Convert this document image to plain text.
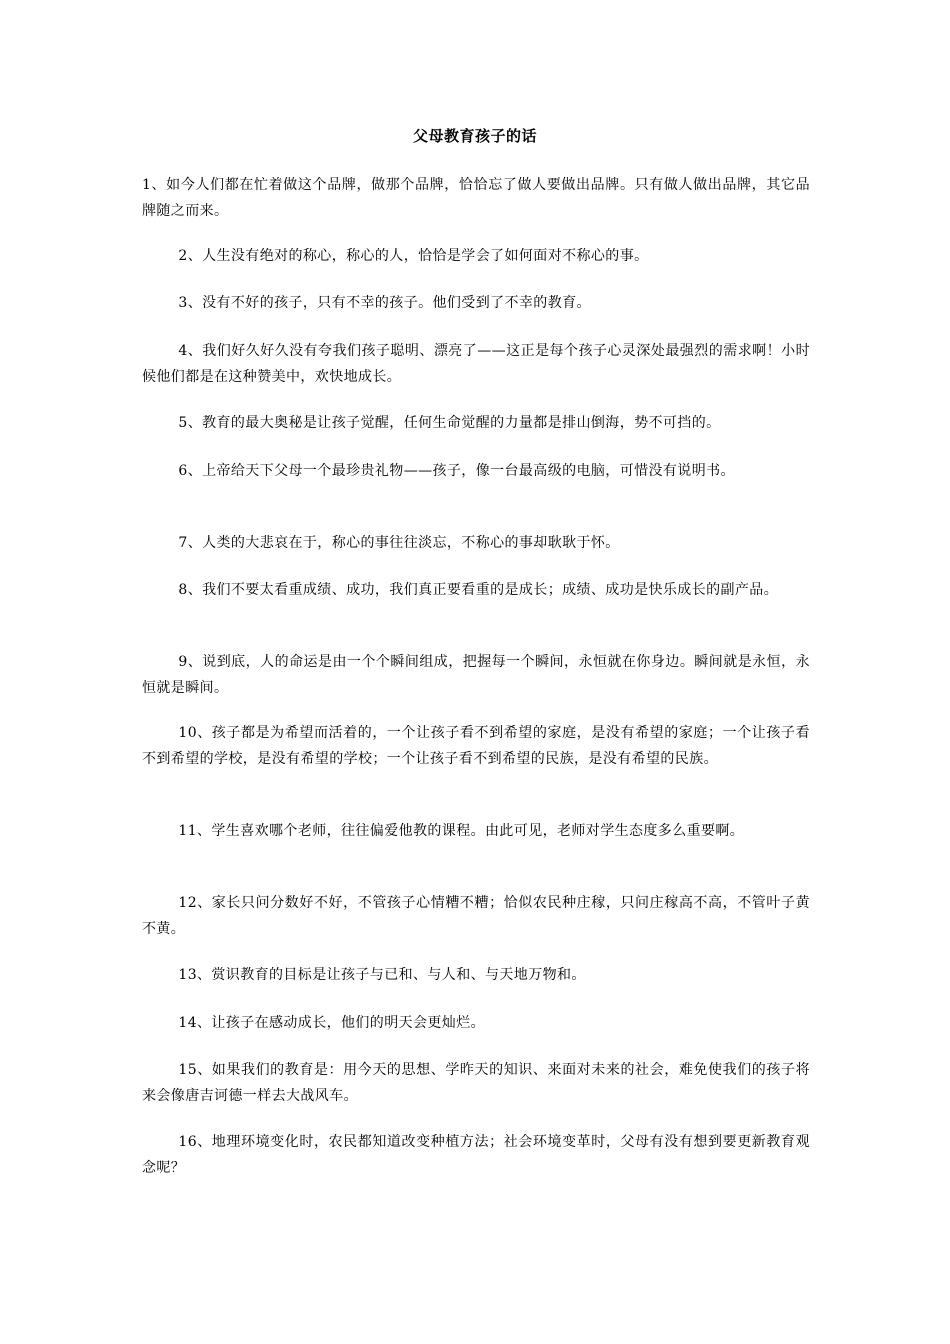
父母教育孩子的话

1、如今人们都在忙着做这个品牌，做那个品牌，恰恰忘了做人要做出品牌。只有做人做出品牌，其它品牌随之而来。

2、人生没有绝对的称心，称心的人，恰恰是学会了如何面对不称心的事。

3、没有不好的孩子，只有不幸的孩子。他们受到了不幸的教育。

4、我们好久好久没有夸我们孩子聪明、漂亮了——这正是每个孩子心灵深处最强烈的需求啊！小时候他们都是在这种赞美中，欢快地成长。

5、教育的最大奥秘是让孩子觉醒，任何生命觉醒的力量都是排山倒海，势不可挡的。

6、上帝给天下父母一个最珍贵礼物——孩子，像一台最高级的电脑，可惜没有说明书。

7、人类的大悲哀在于，称心的事往往淡忘，不称心的事却耿耿于怀。

8、我们不要太看重成绩、成功，我们真正要看重的是成长；成绩、成功是快乐成长的副产品。

9、说到底，人的命运是由一个个瞬间组成，把握每一个瞬间，永恒就在你身边。瞬间就是永恒，永恒就是瞬间。

10、孩子都是为希望而活着的，一个让孩子看不到希望的家庭，是没有希望的家庭；一个让孩子看不到希望的学校，是没有希望的学校；一个让孩子看不到希望的民族，是没有希望的民族。

11、学生喜欢哪个老师，往往偏爱他教的课程。由此可见，老师对学生态度多么重要啊。

12、家长只问分数好不好，不管孩子心情糟不糟；恰似农民种庄稼，只问庄稼高不高，不管叶子黄不黄。

13、赏识教育的目标是让孩子与已和、与人和、与天地万物和。

14、让孩子在感动成长，他们的明天会更灿烂。

15、如果我们的教育是：用今天的思想、学昨天的知识、来面对未来的社会，难免使我们的孩子将来会像唐吉诃德一样去大战风车。

16、地理环境变化时，农民都知道改变种植方法；社会环境变革时，父母有没有想到要更新教育观念呢？
